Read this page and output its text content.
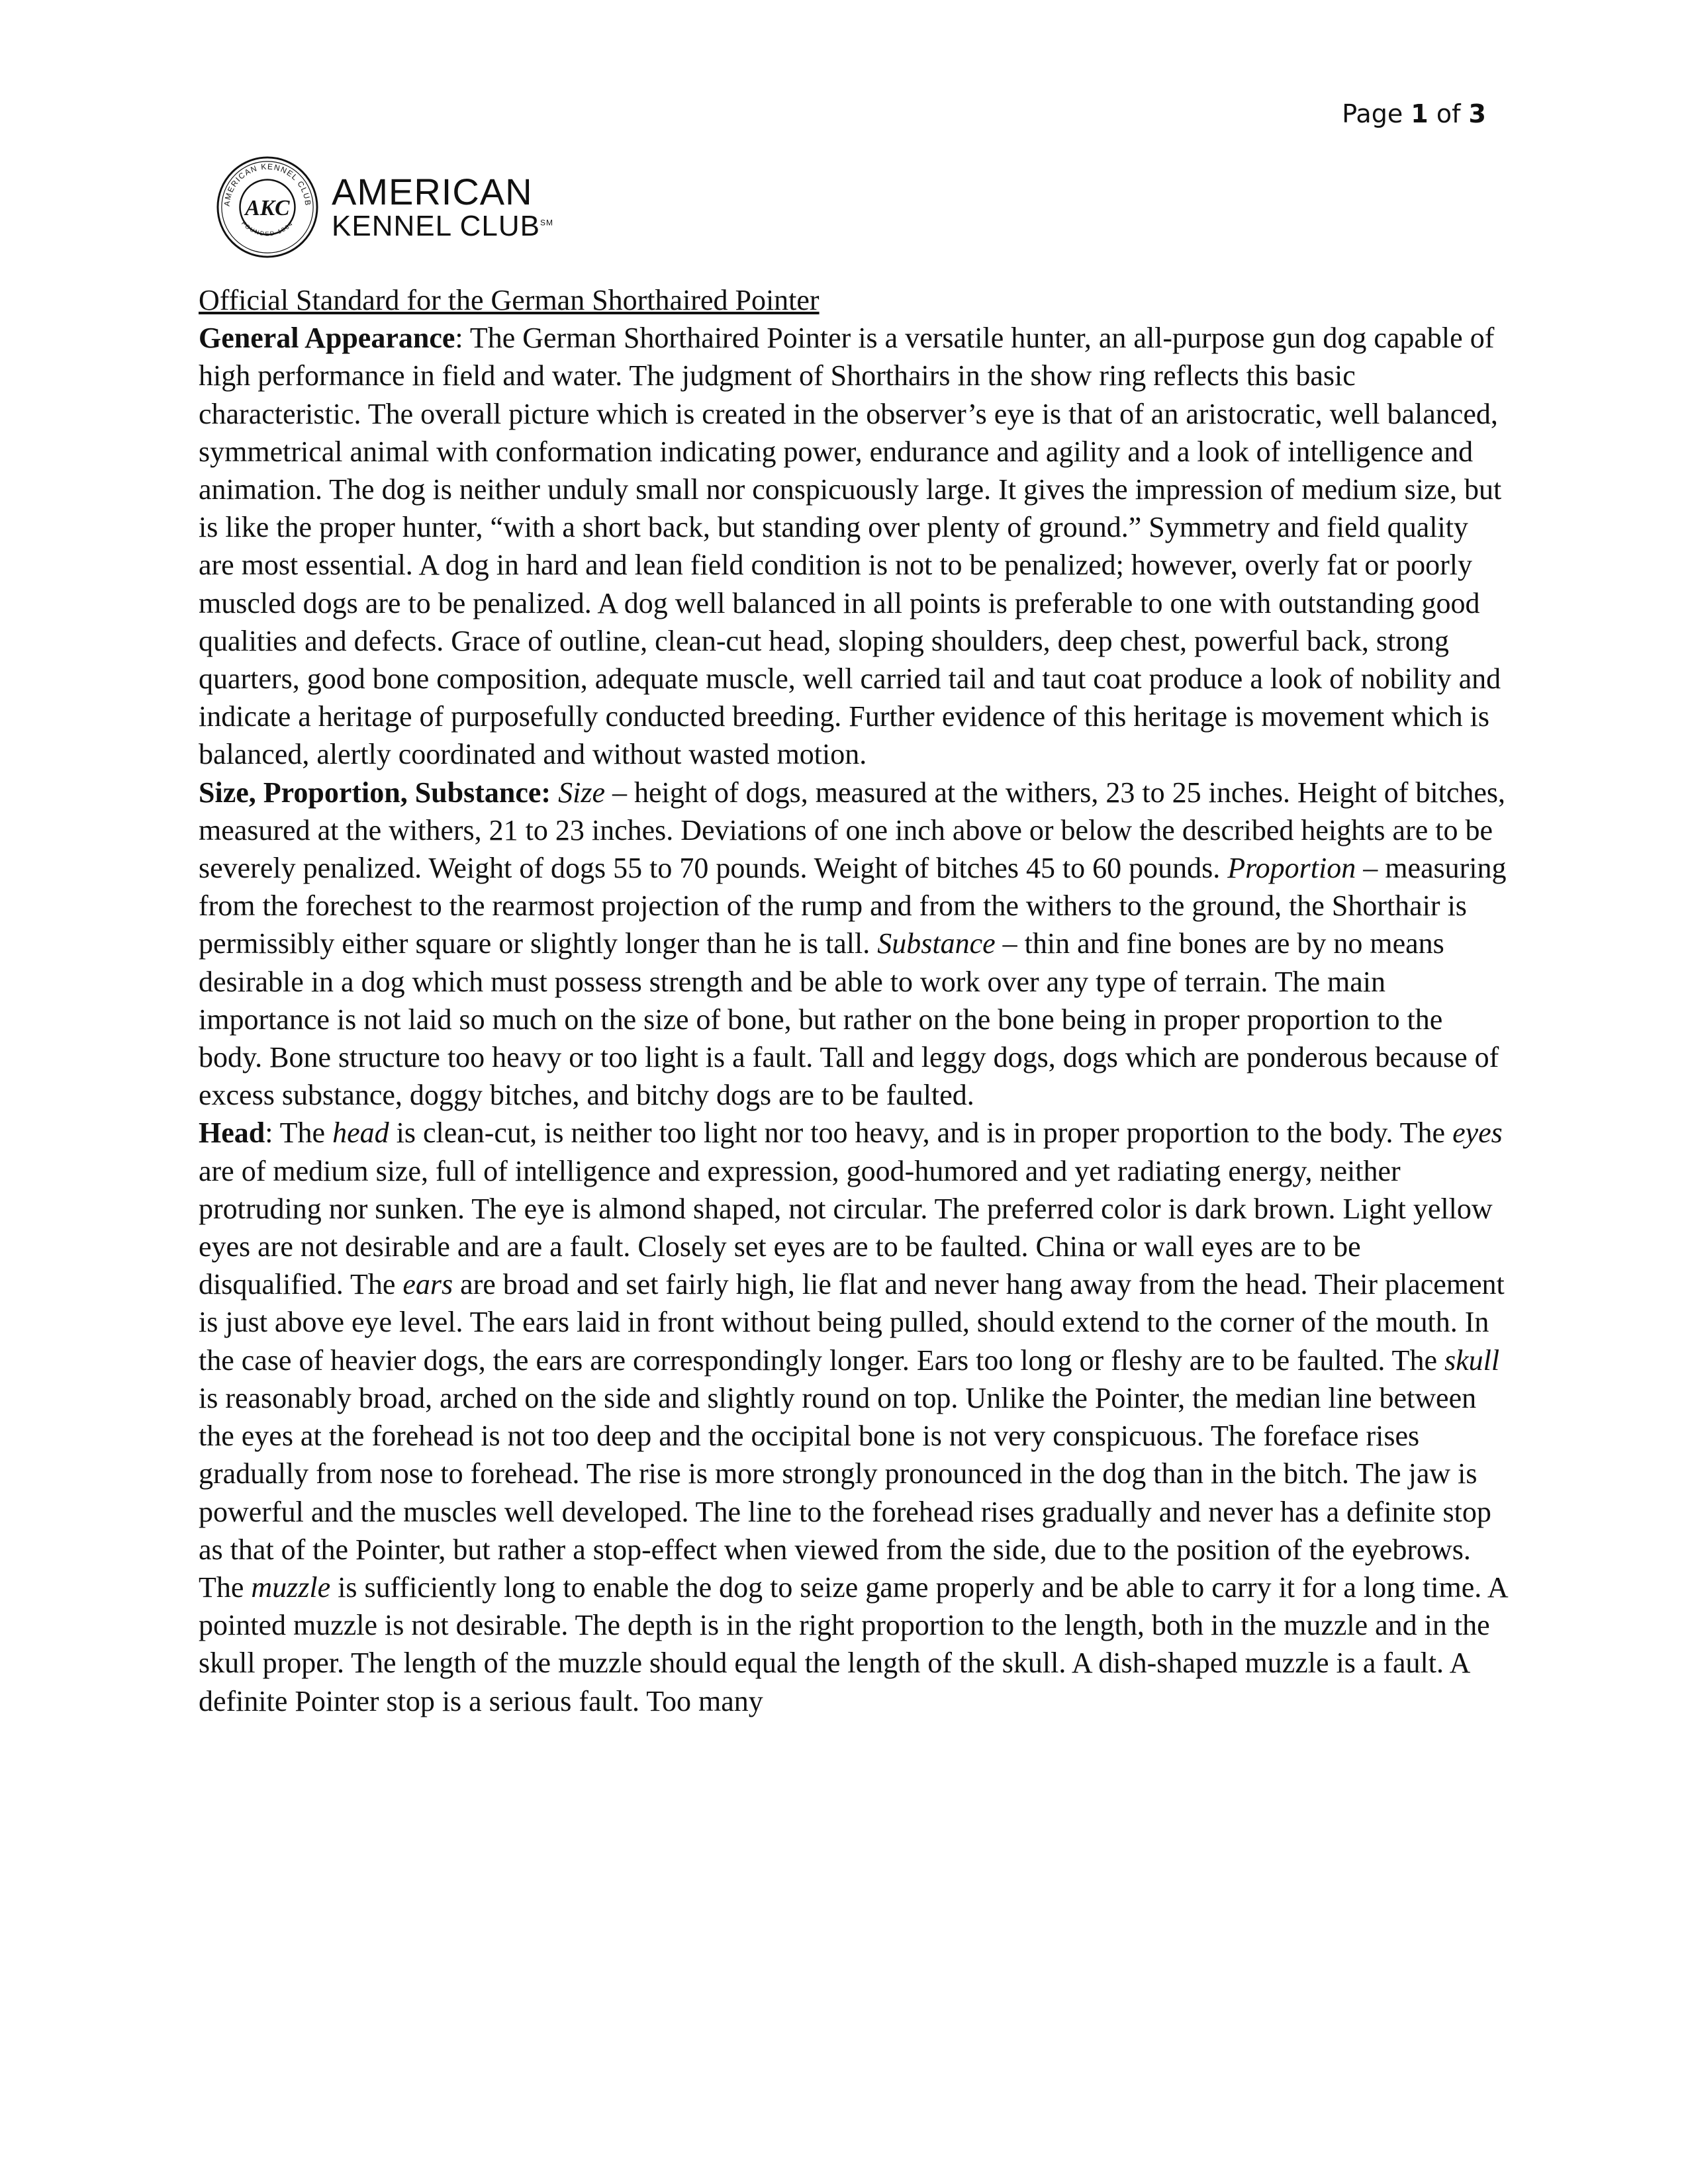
Page 1 of 3
AMERICAN KENNEL CLUB
FOUNDED 1884
AKC AMERICAN
KENNEL CLUB℠
Official Standard for the German Shorthaired Pointer

General Appearance: The German Shorthaired Pointer is a versatile hunter, an all-purpose gun dog capable of high performance in field and water. The judgment of Shorthairs in the show ring reflects this basic characteristic. The overall picture which is created in the observer’s eye is that of an aristocratic, well balanced, symmetrical animal with conformation indicating power, endurance and agility and a look of intelligence and animation. The dog is neither unduly small nor conspicuously large. It gives the impression of medium size, but is like the proper hunter, “with a short back, but standing over plenty of ground.” Symmetry and field quality are most essential. A dog in hard and lean field condition is not to be penalized; however, overly fat or poorly muscled dogs are to be penalized. A dog well balanced in all points is preferable to one with outstanding good qualities and defects. Grace of outline, clean-cut head, sloping shoulders, deep chest, powerful back, strong quarters, good bone composition, adequate muscle, well carried tail and taut coat produce a look of nobility and indicate a heritage of purposefully conducted breeding. Further evidence of this heritage is movement which is balanced, alertly coordinated and without wasted motion.

Size, Proportion, Substance: Size – height of dogs, measured at the withers, 23 to 25 inches. Height of bitches, measured at the withers, 21 to 23 inches. Deviations of one inch above or below the described heights are to be severely penalized. Weight of dogs 55 to 70 pounds. Weight of bitches 45 to 60 pounds. Proportion – measuring from the forechest to the rearmost projection of the rump and from the withers to the ground, the Shorthair is permissibly either square or slightly longer than he is tall. Substance – thin and fine bones are by no means desirable in a dog which must possess strength and be able to work over any type of terrain. The main importance is not laid so much on the size of bone, but rather on the bone being in proper proportion to the body. Bone structure too heavy or too light is a fault. Tall and leggy dogs, dogs which are ponderous because of excess substance, doggy bitches, and bitchy dogs are to be faulted.

Head: The head is clean-cut, is neither too light nor too heavy, and is in proper proportion to the body. The eyes are of medium size, full of intelligence and expression, good-humored and yet radiating energy, neither protruding nor sunken. The eye is almond shaped, not circular. The preferred color is dark brown. Light yellow eyes are not desirable and are a fault. Closely set eyes are to be faulted. China or wall eyes are to be disqualified. The ears are broad and set fairly high, lie flat and never hang away from the head. Their placement is just above eye level. The ears laid in front without being pulled, should extend to the corner of the mouth. In the case of heavier dogs, the ears are correspondingly longer. Ears too long or fleshy are to be faulted. The skull is reasonably broad, arched on the side and slightly round on top. Unlike the Pointer, the median line between the eyes at the forehead is not too deep and the occipital bone is not very conspicuous. The foreface rises gradually from nose to forehead. The rise is more strongly pronounced in the dog than in the bitch. The jaw is powerful and the muscles well developed. The line to the forehead rises gradually and never has a definite stop as that of the Pointer, but rather a stop-effect when viewed from the side, due to the position of the eyebrows. The muzzle is sufficiently long to enable the dog to seize game properly and be able to carry it for a long time. A pointed muzzle is not desirable. The depth is in the right proportion to the length, both in the muzzle and in the skull proper. The length of the muzzle should equal the length of the skull. A dish-shaped muzzle is a fault. A definite Pointer stop is a serious fault. Too many
